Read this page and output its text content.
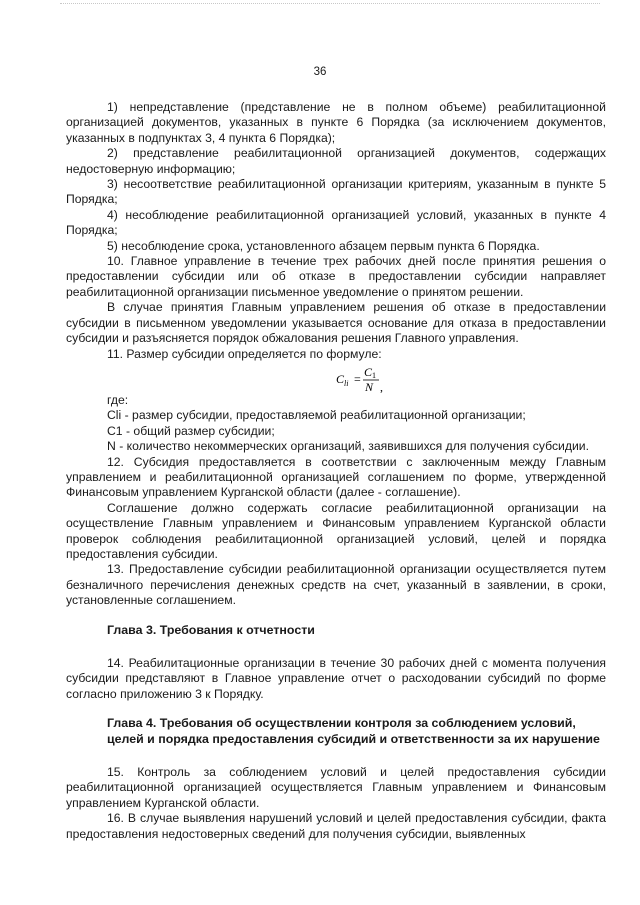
36

1) непредставление (представление не в полном объеме) реабилитационной организацией документов, указанных в пункте 6 Порядка (за исключением документов, указанных в подпунктах 3, 4 пункта 6 Порядка);

2) представление реабилитационной организацией документов, содержащих недостоверную информацию;

3) несоответствие реабилитационной организации критериям, указанным в пункте 5 Порядка;

4) несоблюдение реабилитационной организацией условий, указанных в пункте 4 Порядка;

5) несоблюдение срока, установленного абзацем первым пункта 6 Порядка.

10. Главное управление в течение трех рабочих дней после принятия решения о предоставлении субсидии или об отказе в предоставлении субсидии направляет реабилитационной организации письменное уведомление о принятом решении.

В случае принятия Главным управлением решения об отказе в предоставлении субсидии в письменном уведомлении указывается основание для отказа в предоставлении субсидии и разъясняется порядок обжалования решения Главного управления.

11. Размер субсидии определяется по формуле:

C li = C 1
N ,

где:

Cli - размер субсидии, предоставляемой реабилитационной организации;

С1 - общий размер субсидии;

N - количество некоммерческих организаций, заявившихся для получения субсидии.

12. Субсидия предоставляется в соответствии с заключенным между Главным управлением и реабилитационной организацией соглашением по форме, утвержденной Финансовым управлением Курганской области (далее - соглашение).

Соглашение должно содержать согласие реабилитационной организации на осуществление Главным управлением и Финансовым управлением Курганской области проверок соблюдения реабилитационной организацией условий, целей и порядка предоставления субсидии.

13. Предоставление субсидии реабилитационной организации осуществляется путем безналичного перечисления денежных средств на счет, указанный в заявлении, в сроки, установленные соглашением.

Глава 3. Требования к отчетности

14. Реабилитационные организации в течение 30 рабочих дней с момента получения субсидии представляют в Главное управление отчет о расходовании субсидий по форме согласно приложению 3 к Порядку.

Глава 4. Требования об осуществлении контроля за соблюдением условий,

целей и порядка предоставления субсидий и ответственности за их нарушение

15. Контроль за соблюдением условий и целей предоставления субсидии реабилитационной организацией осуществляется Главным управлением и Финансовым управлением Курганской области.

16. В случае выявления нарушений условий и целей предоставления субсидии, факта предоставления недостоверных сведений для получения субсидии, выявленных
